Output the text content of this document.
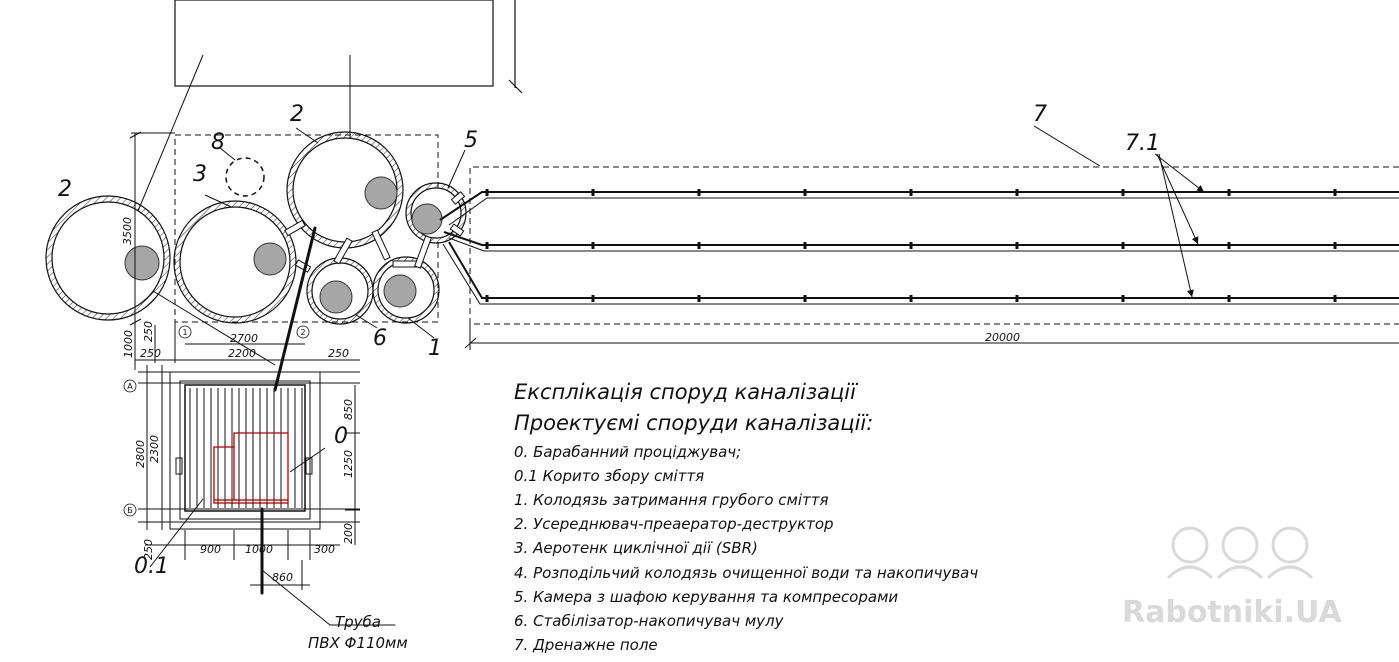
1	2
A
Б
2
2
3
8	5
6 1
7
7.1
0
0.1
3500
2700
2200
250
250	250
250
1000	20000
2800 2300
850
1250
200
900 1000	300
860
Труба
ПВХ Φ110мм
Експлікація споруд каналізації
Проектуємі споруди каналізації:
0. Барабанний проціджувач;
0.1 Корито збору сміття
1. Колодязь затримання грубого сміття
2. Усереднювач-преаератор-деструктор
3. Аеротенк циклічної дії (SBR)
4. Розподільчий колодязь очищенної води та накопичувач
5. Камера з шафою керування та компресорами
6. Стабілізатор-накопичувач мулу
7. Дренажне поле
Rabotniki.UA
